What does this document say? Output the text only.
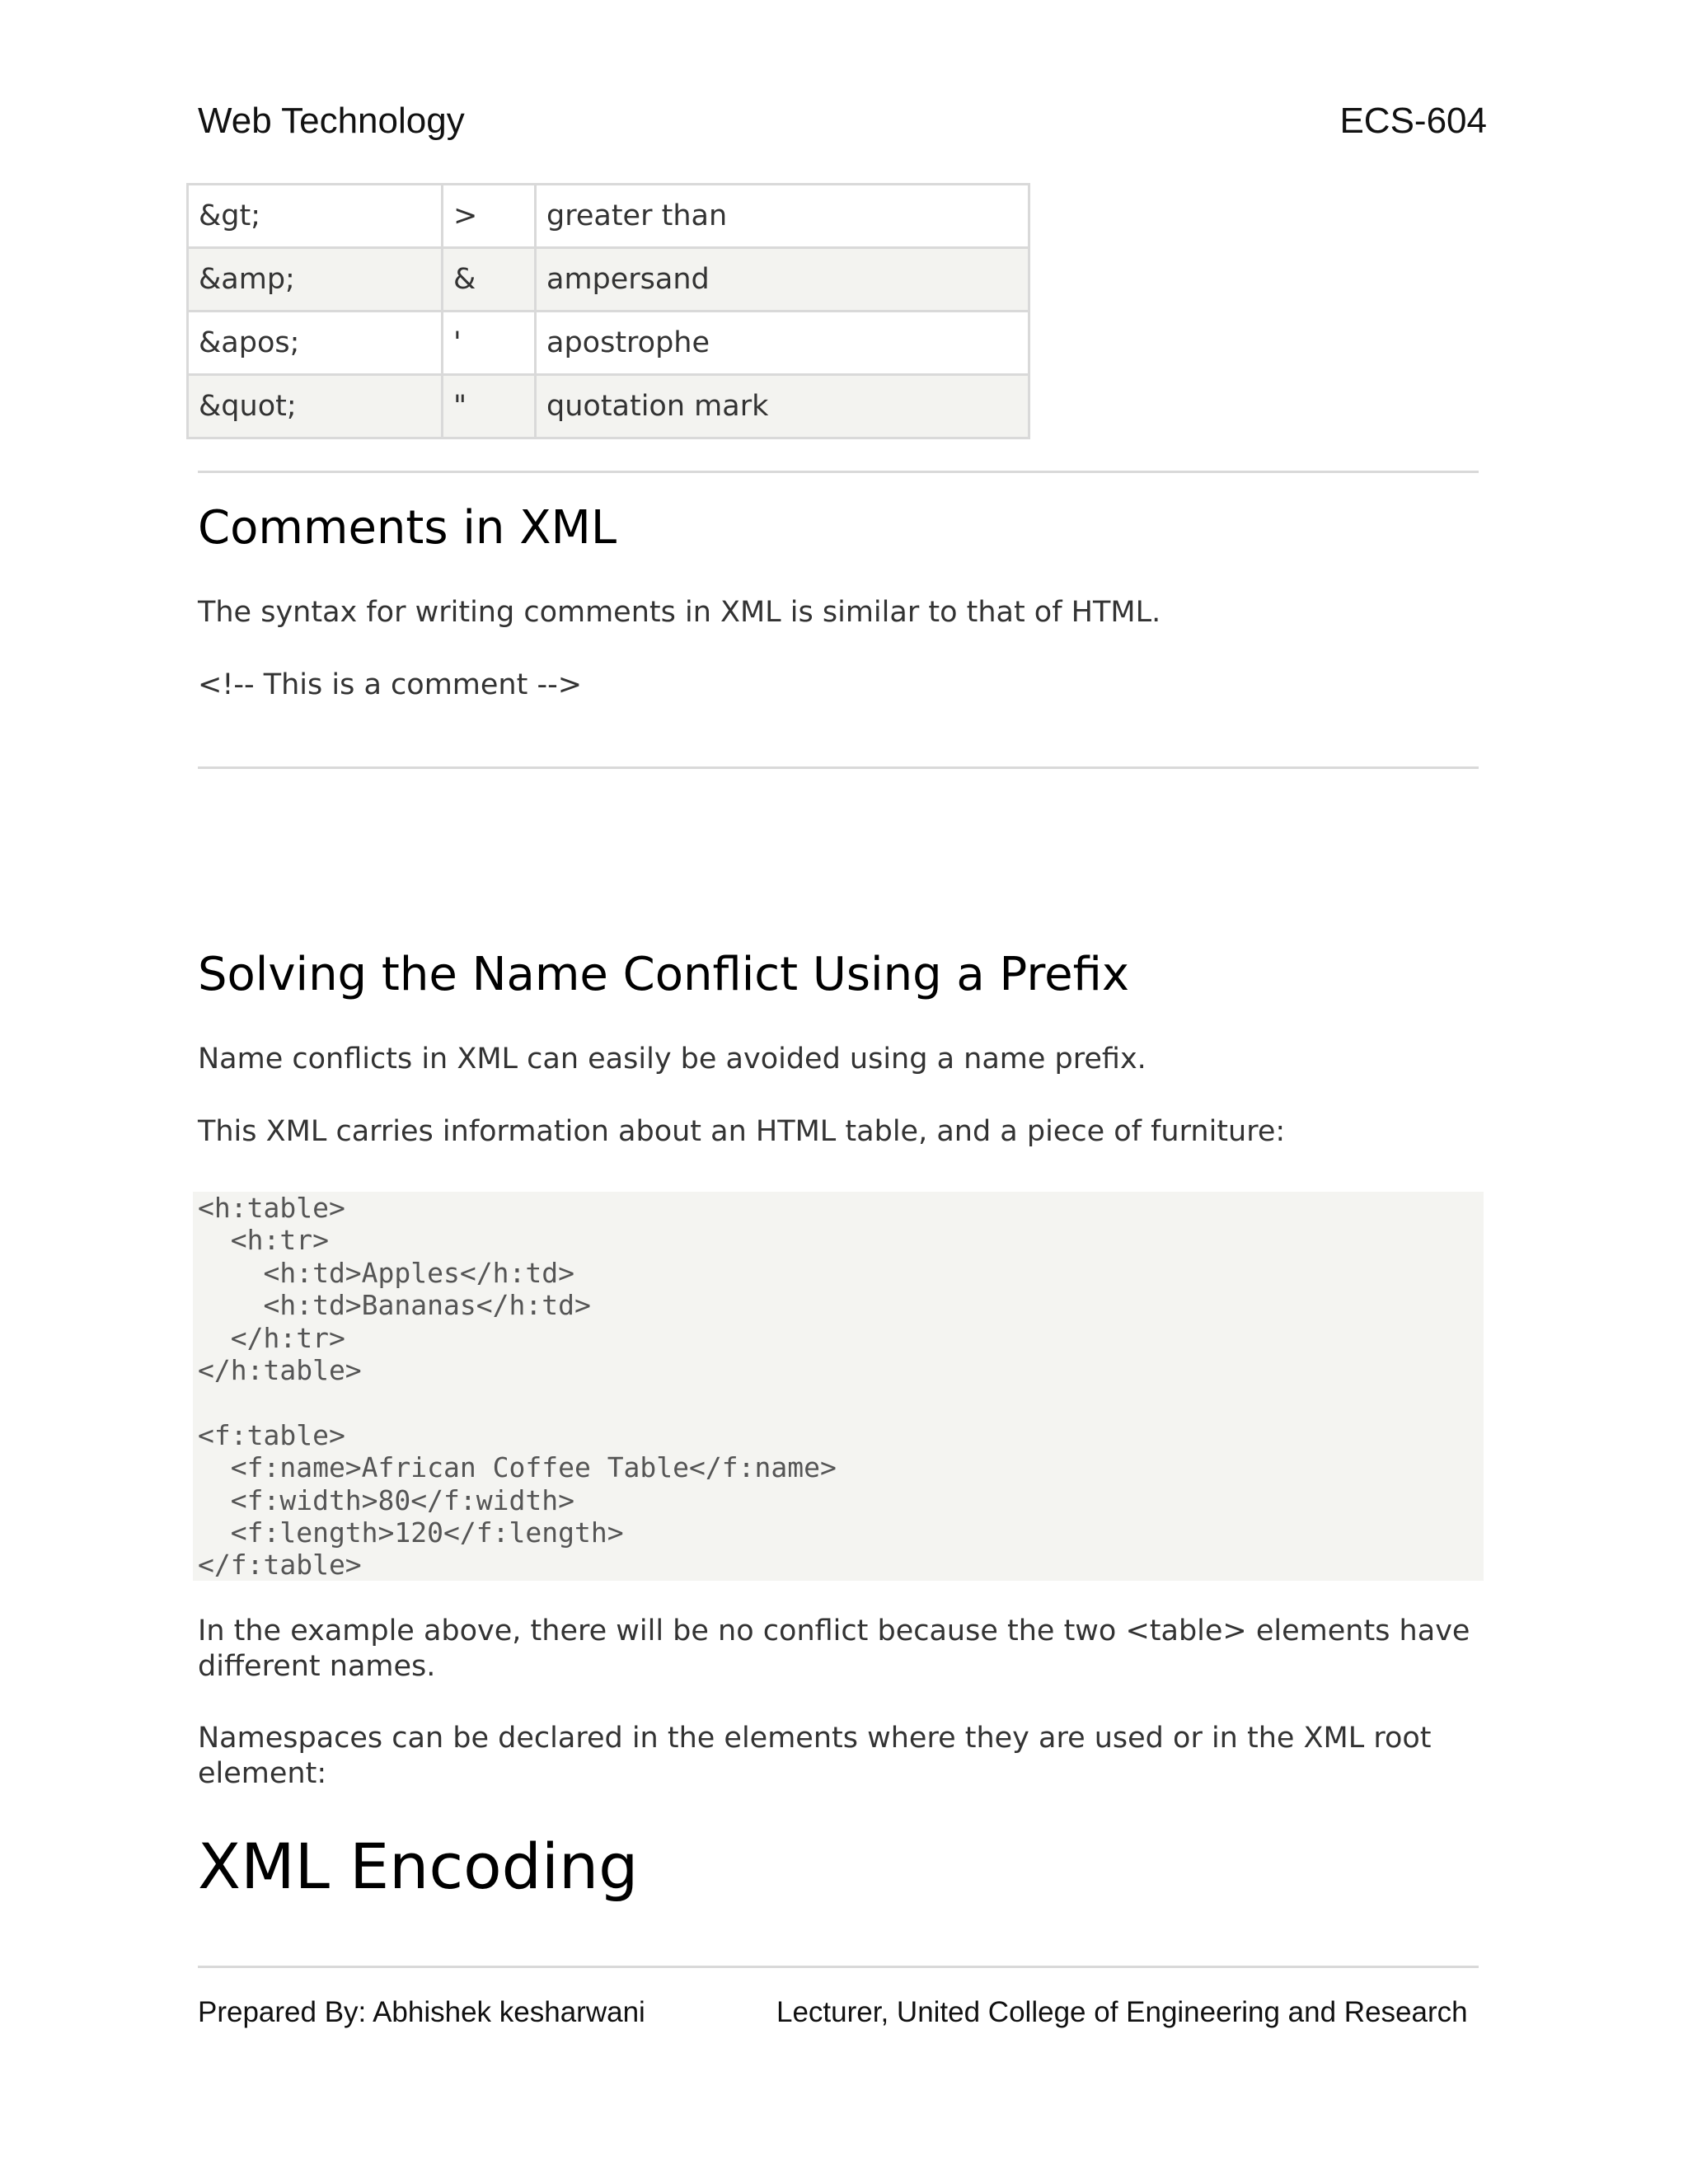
Web Technology	ECS-604
&gt;	>	greater than
&amp;	&	ampersand
&apos;	'	apostrophe
&quot;	"	quotation mark
Comments in XML

The syntax for writing comments in XML is similar to that of HTML.

<!-- This is a comment -->

Solving the Name Conflict Using a Prefix

Name conflicts in XML can easily be avoided using a name prefix.

This XML carries information about an HTML table, and a piece of furniture:

<h:table>
<h:tr>
<h:td>Apples</h:td>
<h:td>Bananas</h:td>
</h:tr>
</h:table>
<f:table>
<f:name>African Coffee Table</f:name>
<f:width>80</f:width>
<f:length>120</f:length>
</f:table>

In the example above, there will be no conflict because the two <table> elements have different names.

Namespaces can be declared in the elements where they are used or in the XML root element:

XML Encoding
Prepared By: Abhishek kesharwani	Lecturer, United College of Engineering and Research
